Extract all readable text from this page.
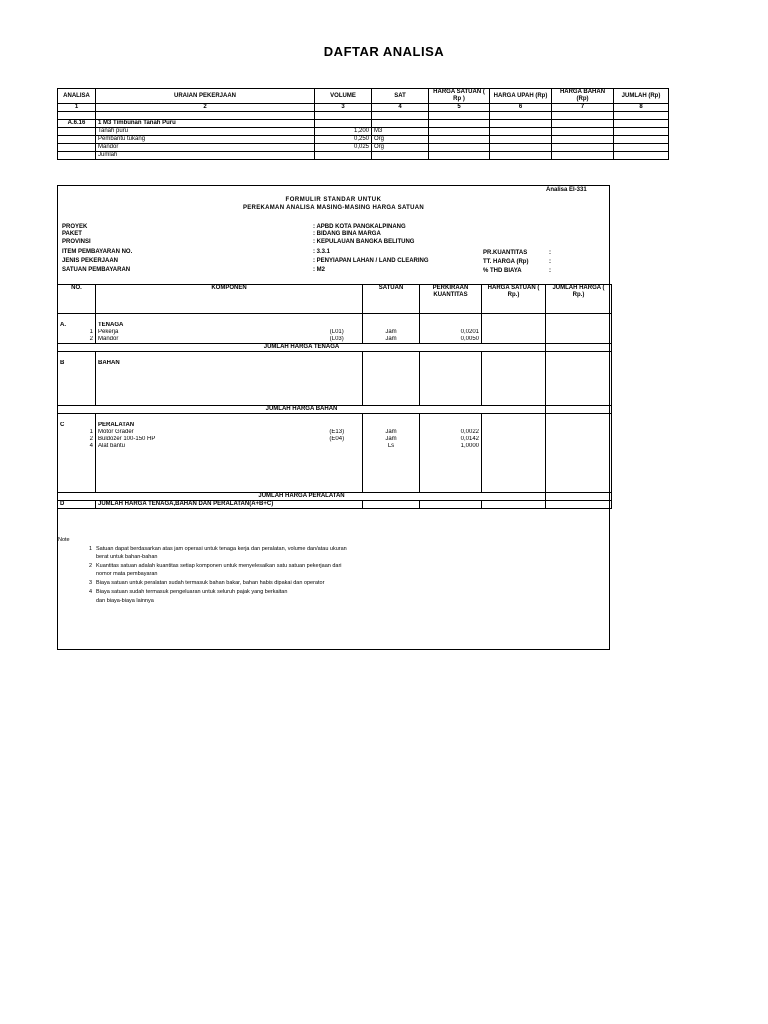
DAFTAR ANALISA
ANALISA	URAIAN PEKERJAAN	VOLUME	SAT	HARGA SATUAN ( Rp )	HARGA UPAH (Rp)	HARGA BAHAN (Rp)	JUMLAH (Rp)
1	2	3	4	5	6	7	8

A.6.16	1 M3 Timbunan Tanah Puru						
	Tanah puru	1,200	M3				
	Pembantu tukang	0,250	Org				
	Mandor	0,025	Org				
	Jumlah						
Analisa EI-331
FORMULIR STANDAR UNTUK
PEREKAMAN ANALISA MASING-MASING HARGA SATUAN
PROYEK	: APBD KOTA PANGKALPINANG
PAKET	: BIDANG BINA MARGA
PROVINSI	: KEPULAUAN BANGKA BELITUNG
ITEM PEMBAYARAN NO.	: 3.3.1
JENIS PEKERJAAN	: PENYIAPAN LAHAN / LAND CLEARING
SATUAN PEMBAYARAN	: M2
PR.KUANTITAS	:
TT. HARGA (Rp)	:
% THD BIAYA	:
NO.	KOMPONEN		SATUAN	PERKIRAAN KUANTITAS	HARGA SATUAN ( Rp.)	JUMLAH HARGA ( Rp.)

A.	TENAGA					
1	Pekerja	(L01)	Jam	0,0201		
2	Mandor	(L03)	Jam	0,0050		
JUMLAH HARGA TENAGA						

B	BAHAN					

JUMLAH HARGA BAHAN						

C	PERALATAN					
1	Motor Grader	(E13)	Jam	0,0022		
2	Buldozer 100-150 HP	(E04)	Jam	0,0142		
4	Alat bantu		Ls	1,0000		

JUMLAH HARGA PERALATAN						
D	JUMLAH HARGA TENAGA,BAHAN DAN PERALATAN(A+B+C)					
Note
1 Satuan dapat berdasarkan atas jam operasi untuk tenaga kerja dan peralatan, volume dan/atau ukuran
berat untuk bahan-bahan
2 Kuantitas satuan adalah kuantitas setiap komponen untuk menyelesaikan satu satuan pekerjaan dari
nomor mata pembayaran
3 Biaya satuan untuk peralatan sudah termasuk bahan bakar, bahan habis dipakai dan operator
4 Biaya satuan sudah termasuk pengeluaran untuk seluruh pajak yang berkaitan
dan biaya-biaya lainnya
